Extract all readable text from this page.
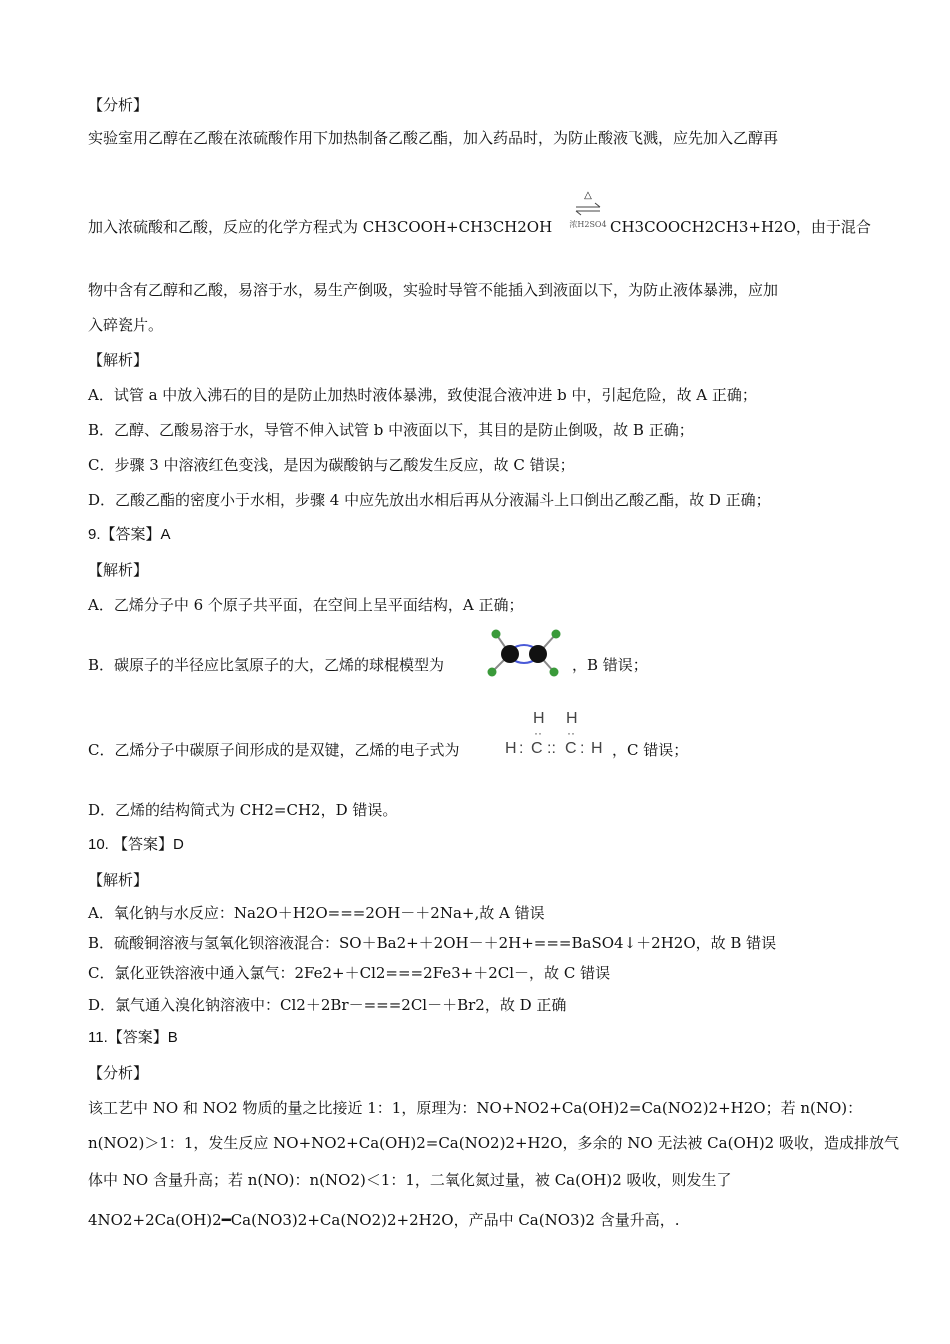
【分析】
实验室用乙醇在乙酸在浓硫酸作用下加热制备乙酸乙酯，加入药品时，为防止酸液飞溅，应先加入乙醇再
加入浓硫酸和乙酸，反应的化学方程式为 CH3COOH+CH3CH2OH
△
浓H2SO4 CH3COOCH2CH3+H2O，由于混合
物中含有乙醇和乙酸，易溶于水，易生产倒吸，实验时导管不能插入到液面以下，为防止液体暴沸，应加
入碎瓷片。
【解析】
A．试管 a 中放入沸石的目的是防止加热时液体暴沸，致使混合液冲进 b 中，引起危险，故 A 正确；
B．乙醇、乙酸易溶于水，导管不伸入试管 b 中液面以下，其目的是防止倒吸，故 B 正确；
C．步骤 3 中溶液红色变浅，是因为碳酸钠与乙酸发生反应，故 C 错误；
D．乙酸乙酯的密度小于水相，步骤 4 中应先放出水相后再从分液漏斗上口倒出乙酸乙酯，故 D 正确；
9.【答案】A
【解析】
A．乙烯分子中 6 个原子共平面，在空间上呈平面结构，A 正确；
B．碳原子的半径应比氢原子的大，乙烯的球棍模型为	，B 错误；
C．乙烯分子中碳原子间形成的是双键，乙烯的电子式为
H H
·· ··
H : C :: C : H ，C 错误；
D．乙烯的结构简式为 CH2=CH2，D 错误。
10. 【答案】D
【解析】
A．氧化钠与水反应：Na2O＋H2O===2OH－＋2Na+,故 A 错误
B．硫酸铜溶液与氢氧化钡溶液混合：SO＋Ba2+＋2OH－＋2H+===BaSO4↓＋2H2O，故 B 错误
C．氯化亚铁溶液中通入氯气：2Fe2+＋Cl2===2Fe3+＋2Cl－，故 C 错误
D．氯气通入溴化钠溶液中：Cl2＋2Br－===2Cl－＋Br2，故 D 正确
11.【答案】B
【分析】
该工艺中 NO 和 NO2 物质的量之比接近 1：1，原理为：NO+NO2+Ca(OH)2=Ca(NO2)2+H2O；若 n(NO)：
n(NO2)＞1：1，发生反应 NO+NO2+Ca(OH)2=Ca(NO2)2+H2O，多余的 NO 无法被 Ca(OH)2 吸收，造成排放气
体中 NO 含量升高；若 n(NO)：n(NO2)＜1：1，二氧化氮过量，被 Ca(OH)2 吸收，则发生了
4NO2+2Ca(OH)2━Ca(NO3)2+Ca(NO2)2+2H2O，产品中 Ca(NO3)2 含量升高，.
